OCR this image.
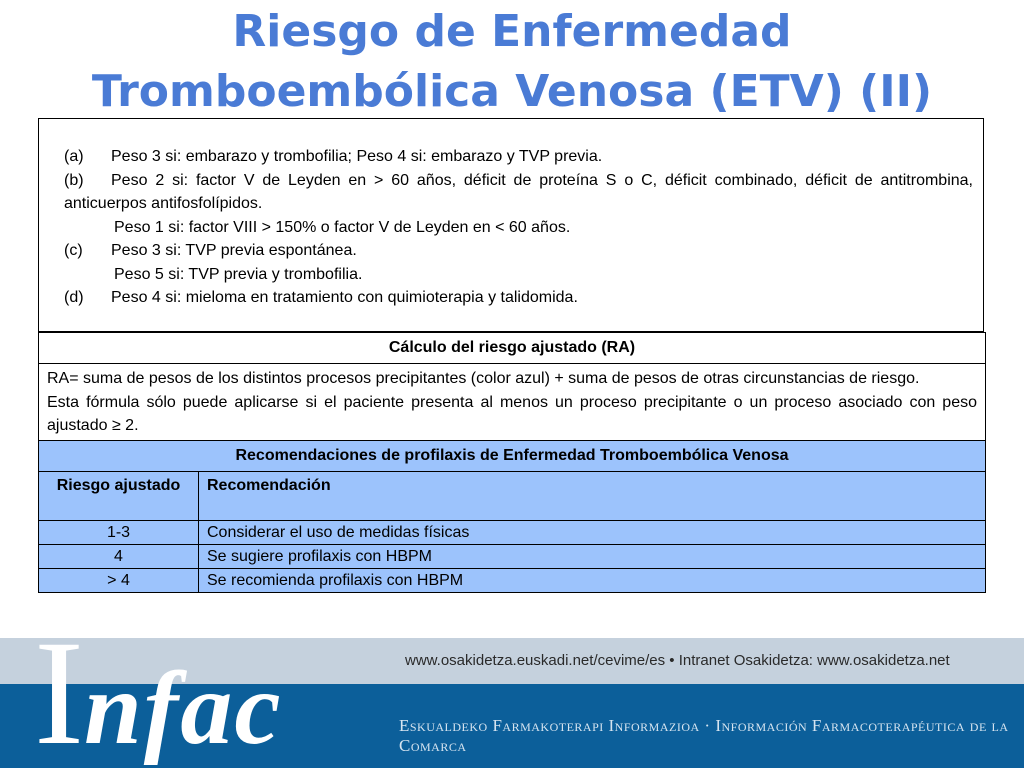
Riesgo de Enfermedad
Tromboembólica Venosa (ETV) (II)

(a) Peso 3 si: embarazo y trombofilia; Peso 4 si: embarazo y TVP previa.

(b) Peso 2 si: factor V de Leyden en > 60 años, déficit de proteína S o C, déficit combinado, déficit de antitrombina, anticuerpos antifosfolípidos.

Peso 1 si: factor VIII > 150% o factor V de Leyden en < 60 años.

(c) Peso 3 si: TVP previa espontánea.

Peso 5 si: TVP previa y trombofilia.

(d) Peso 4 si: mieloma en tratamiento con quimioterapia y talidomida.

Cálculo del riesgo ajustado (RA)	

RA= suma de pesos de los distintos procesos precipitantes (color azul) + suma de pesos de otras circunstancias de riesgo.
Esta fórmula sólo puede aplicarse si el paciente presenta al menos un proceso precipitante o un proceso asociado con peso ajustado ≥ 2.	

Recomendaciones de profilaxis de Enfermedad Tromboembólica Venosa	
Riesgo ajustado	Recomendación
1-3	Considerar el uso de medidas físicas
4	Se sugiere profilaxis con HBPM
> 4	Se recomienda profilaxis con HBPM
www.osakidetza.euskadi.net/cevime/es • Intranet Osakidetza: www.osakidetza.net
Eskualdeko Farmakoterapi Informazioa · Información Farmacoterapéutica de la Comarca
Infac
